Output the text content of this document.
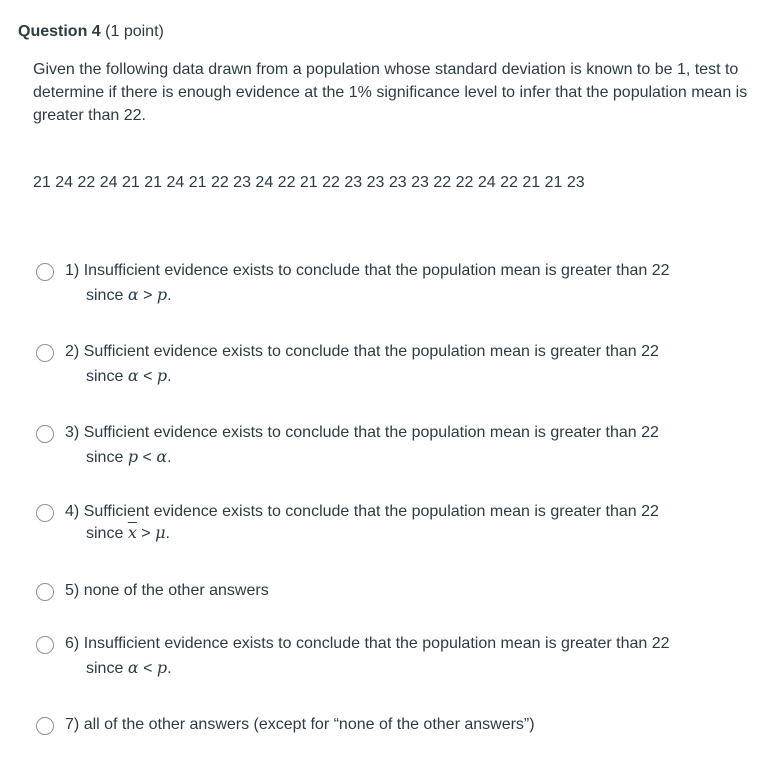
Question 4 (1 point)
Given the following data drawn from a population whose standard deviation is known to be 1, test to determine if there is enough evidence at the 1% significance level to infer that the population mean is greater than 22.
21 24 22 24 21 21 24 21 22 23 24 22 21 22 23 23 23 23 22 22 24 22 21 21 23
1) Insufficient evidence exists to conclude that the population mean is greater than 22
since α > p.
2) Sufficient evidence exists to conclude that the population mean is greater than 22
since α < p.
3) Sufficient evidence exists to conclude that the population mean is greater than 22
since p < α.
4) Sufficient evidence exists to conclude that the population mean is greater than 22
since $\overline{x} > \mu$.
5) none of the other answers
6) Insufficient evidence exists to conclude that the population mean is greater than 22
since α < p.
7) all of the other answers (except for “none of the other answers”)
